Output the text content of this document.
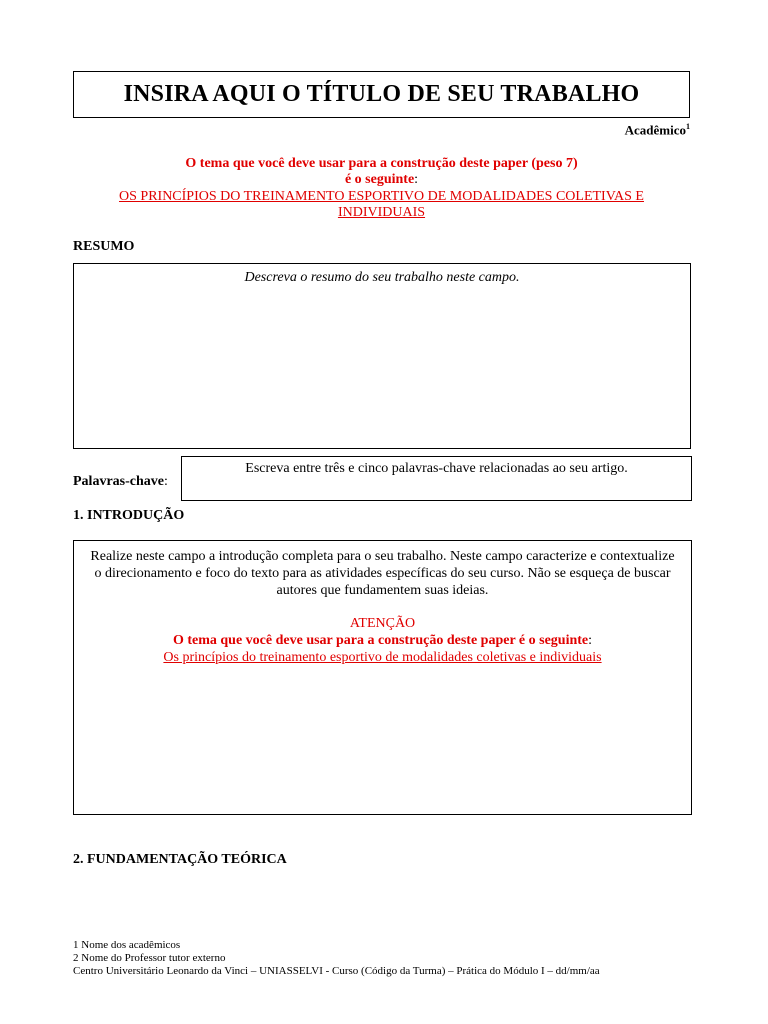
INSIRA AQUI O TÍTULO DE SEU TRABALHO
Acadêmico$^1$
O tema que você deve usar para a construção deste paper (peso 7)
é o seguinte:
OS PRINCÍPIOS DO TREINAMENTO ESPORTIVO DE MODALIDADES COLETIVAS E
INDIVIDUAIS
RESUMO
Descreva o resumo do seu trabalho neste campo.
Palavras-chave:
Escreva entre três e cinco palavras-chave relacionadas ao seu artigo.
1. INTRODUÇÃO
Realize neste campo a introdução completa para o seu trabalho. Neste campo caracterize e contextualize o direcionamento e foco do texto para as atividades específicas do seu curso. Não se esqueça de buscar autores que fundamentem suas ideias.
ATENÇÃO
O tema que você deve usar para a construção deste paper é o seguinte:
Os princípios do treinamento esportivo de modalidades coletivas e individuais
2. FUNDAMENTAÇÃO TEÓRICA
1 Nome dos acadêmicos
2 Nome do Professor tutor externo
Centro Universitário Leonardo da Vinci – UNIASSELVI - Curso (Código da Turma) – Prática do Módulo I – dd/mm/aa
